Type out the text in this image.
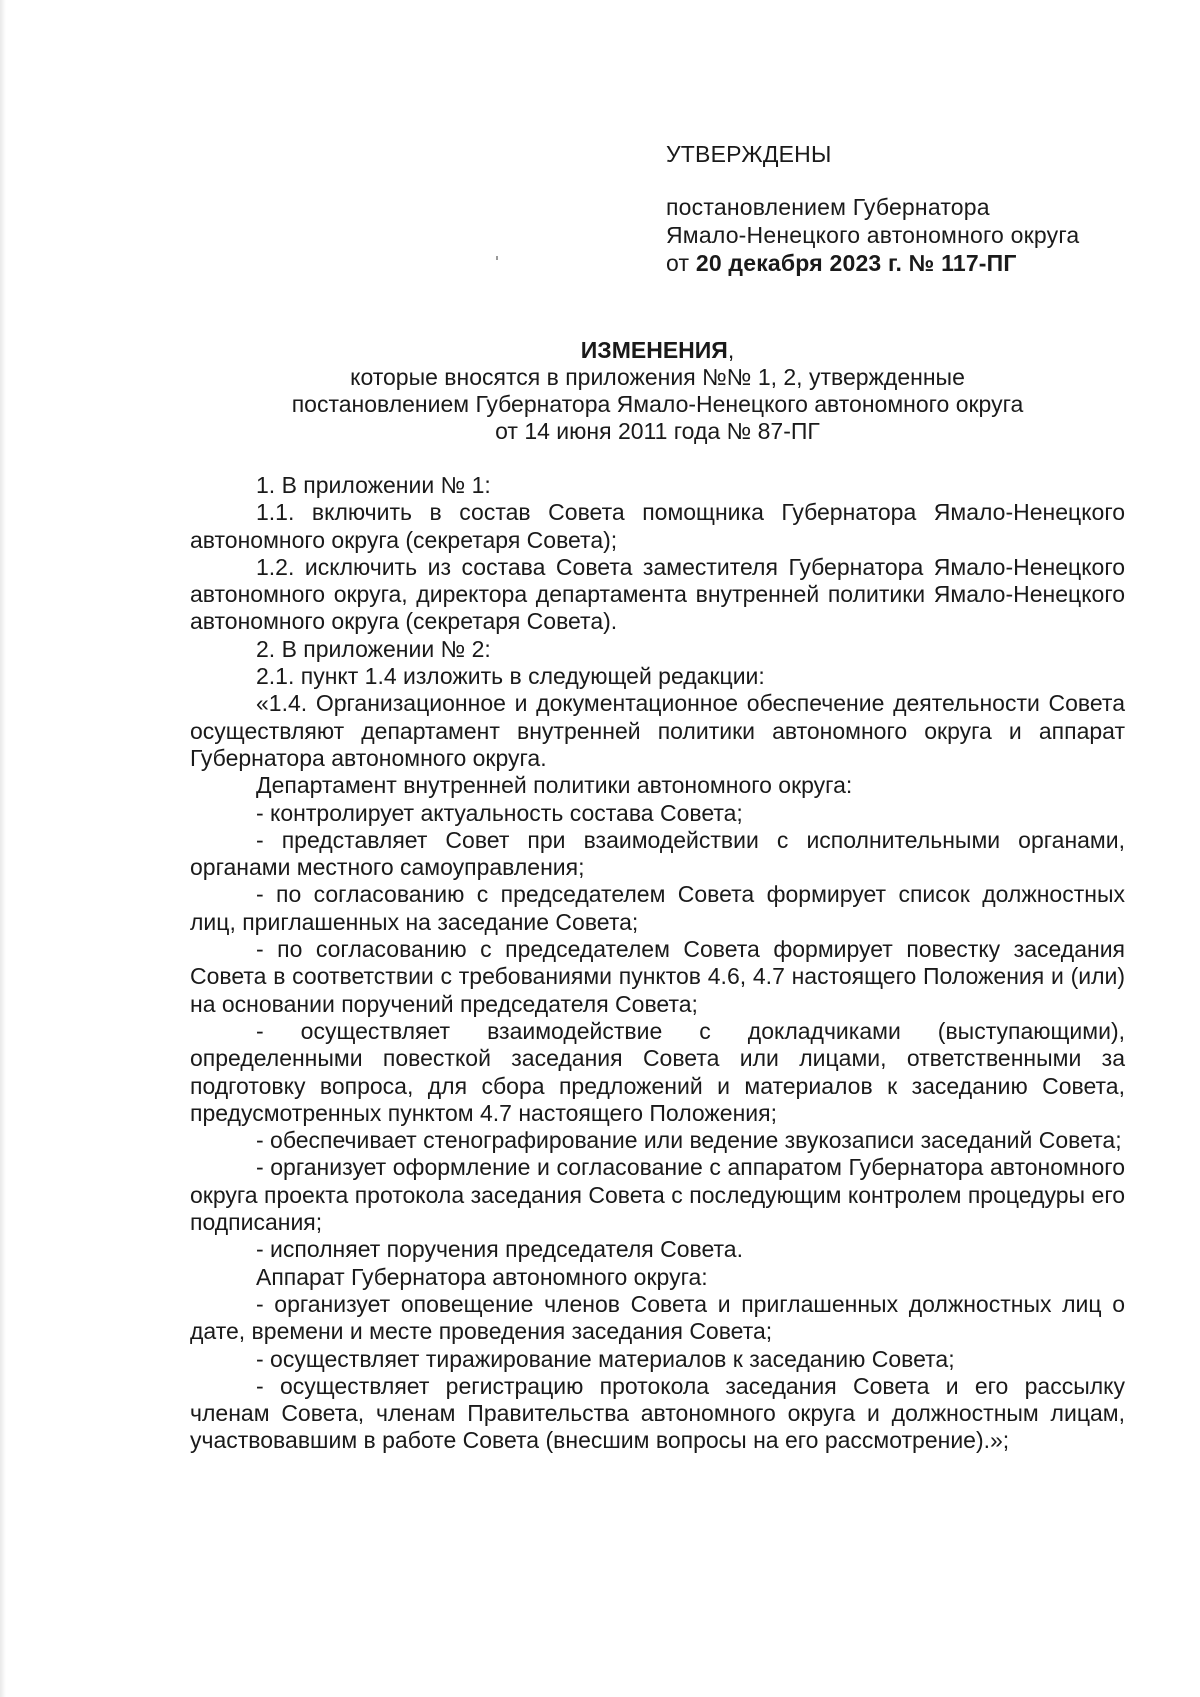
УТВЕРЖДЕНЫ
постановлением Губернатора
Ямало-Ненецкого автономного округа
от 20 декабря 2023 г. № 117-ПГ
ИЗМЕНЕНИЯ,
которые вносятся в приложения №№ 1, 2, утвержденные
постановлением Губернатора Ямало-Ненецкого автономного округа
от 14 июня 2011 года № 87-ПГ

1. В приложении № 1:

1.1. включить в состав Совета помощника Губернатора Ямало-Ненецкого автономного округа (секретаря Совета);

1.2. исключить из состава Совета заместителя Губернатора Ямало-Ненецкого автономного округа, директора департамента внутренней политики Ямало-Ненецкого автономного округа (секретаря Совета).

2. В приложении № 2:

2.1. пункт 1.4 изложить в следующей редакции:

«1.4. Организационное и документационное обеспечение деятельности Совета осуществляют департамент внутренней политики автономного округа и аппарат Губернатора автономного округа.

Департамент внутренней политики автономного округа:

- контролирует актуальность состава Совета;

- представляет Совет при взаимодействии с исполнительными органами, органами местного самоуправления;

- по согласованию с председателем Совета формирует список должностных лиц, приглашенных на заседание Совета;

- по согласованию с председателем Совета формирует повестку заседания Совета в соответствии с требованиями пунктов 4.6, 4.7 настоящего Положения и (или) на основании поручений председателя Совета;

- осуществляет взаимодействие с докладчиками (выступающими), определенными повесткой заседания Совета или лицами, ответственными за подготовку вопроса, для сбора предложений и материалов к заседанию Совета, предусмотренных пунктом 4.7 настоящего Положения;

- обеспечивает стенографирование или ведение звукозаписи заседаний Совета;

- организует оформление и согласование с аппаратом Губернатора автономного округа проекта протокола заседания Совета с последующим контролем процедуры его подписания;

- исполняет поручения председателя Совета.

Аппарат Губернатора автономного округа:

- организует оповещение членов Совета и приглашенных должностных лиц о дате, времени и месте проведения заседания Совета;

- осуществляет тиражирование материалов к заседанию Совета;

- осуществляет регистрацию протокола заседания Совета и его рассылку членам Совета, членам Правительства автономного округа и должностным лицам, участвовавшим в работе Совета (внесшим вопросы на его рассмотрение).»;
